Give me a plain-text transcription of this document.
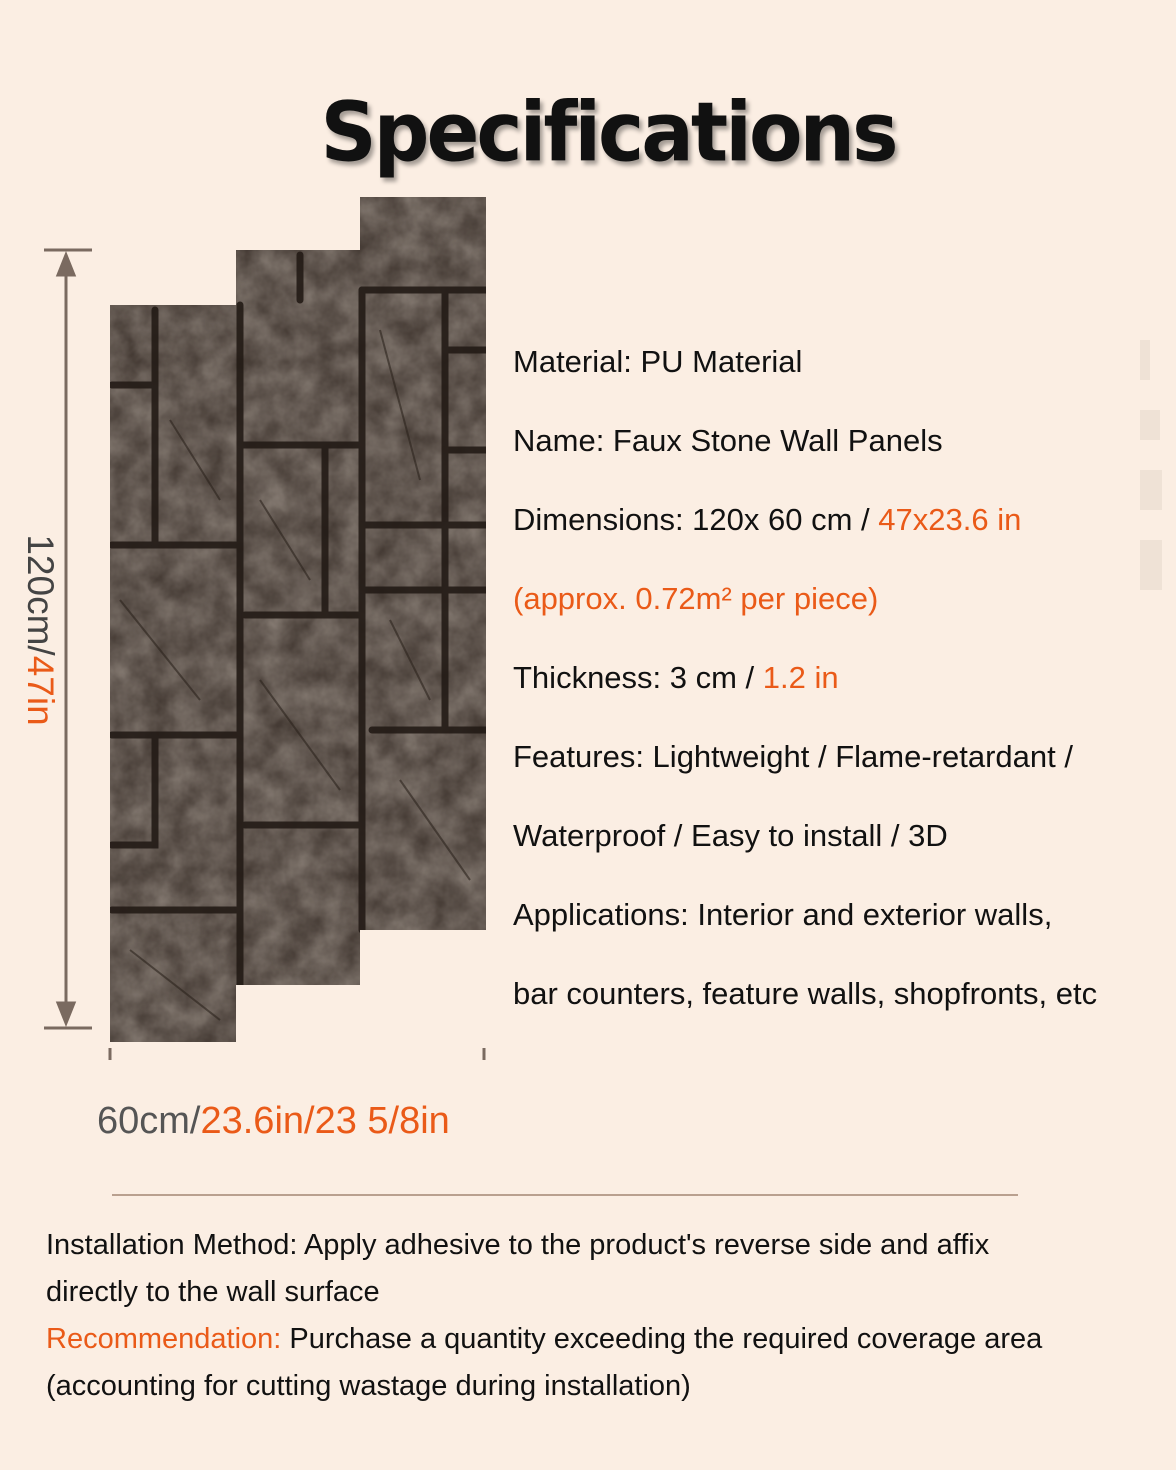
Specifications
120cm/47in
60cm/23.6in/23 5/8in
Material: PU Material
Name: Faux Stone Wall Panels
Dimensions: 120x 60 cm / 47x23.6 in
(approx. 0.72m² per piece)
Thickness: 3 cm / 1.2 in
Features: Lightweight / Flame-retardant /
Waterproof / Easy to install / 3D
Applications: Interior and exterior walls,
bar counters, feature walls, shopfronts, etc
Installation Method: Apply adhesive to the product's reverse side and affix
directly to the wall surface
Recommendation: Purchase a quantity exceeding the required coverage area
(accounting for cutting wastage during installation)
